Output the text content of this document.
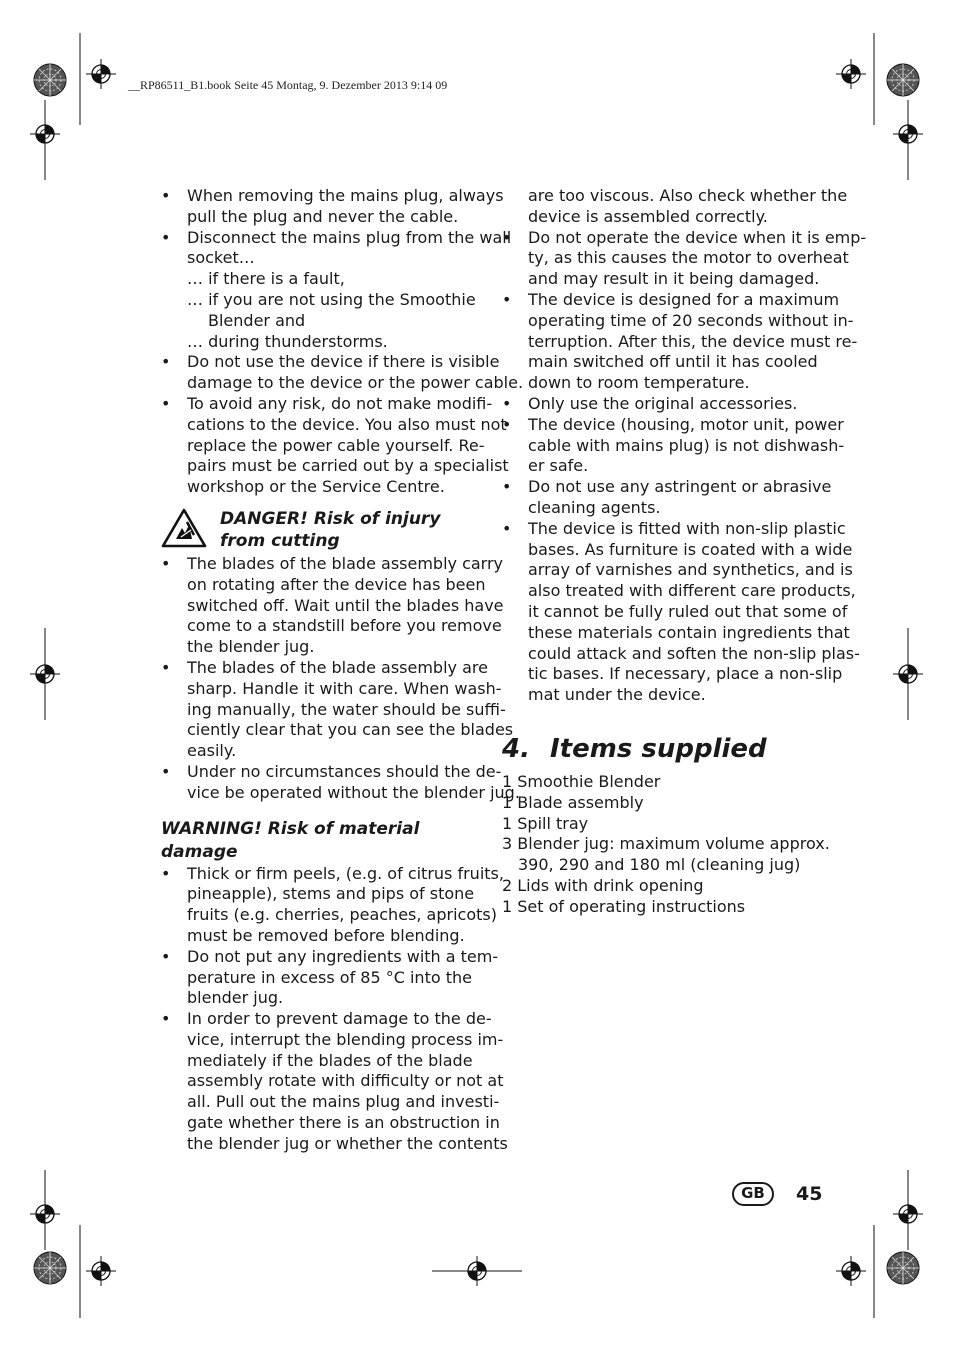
__RP86511_B1.book Seite 45 Montag, 9. Dezember 2013 9:14 09
• When removing the mains plug, always
pull the plug and never the cable.
• Disconnect the mains plug from the wall
socket…
… if there is a fault,
… if you are not using the Smoothie
Blender and
… during thunderstorms.
• Do not use the device if there is visible
damage to the device or the power cable.
• To avoid any risk, do not make modifi-
cations to the device. You also must not
replace the power cable yourself. Re-
pairs must be carried out by a specialist
workshop or the Service Centre.
DANGER! Risk of injury
from cutting
• The blades of the blade assembly carry
on rotating after the device has been
switched off. Wait until the blades have
come to a standstill before you remove
the blender jug.
• The blades of the blade assembly are
sharp. Handle it with care. When wash-
ing manually, the water should be suffi-
ciently clear that you can see the blades
easily.
• Under no circumstances should the de-
vice be operated without the blender jug.
WARNING! Risk of material
damage
• Thick or firm peels, (e.g. of citrus fruits,
pineapple), stems and pips of stone
fruits (e.g. cherries, peaches, apricots)
must be removed before blending.
• Do not put any ingredients with a tem-
perature in excess of 85 °C into the
blender jug.
• In order to prevent damage to the de-
vice, interrupt the blending process im-
mediately if the blades of the blade
assembly rotate with difficulty or not at
all. Pull out the mains plug and investi-
gate whether there is an obstruction in
the blender jug or whether the contents
are too viscous. Also check whether the
device is assembled correctly.
• Do not operate the device when it is emp-
ty, as this causes the motor to overheat
and may result in it being damaged.
• The device is designed for a maximum
operating time of 20 seconds without in-
terruption. After this, the device must re-
main switched off until it has cooled
down to room temperature.
• Only use the original accessories.
• The device (housing, motor unit, power
cable with mains plug) is not dishwash-
er safe.
• Do not use any astringent or abrasive
cleaning agents.
• The device is fitted with non-slip plastic
bases. As furniture is coated with a wide
array of varnishes and synthetics, and is
also treated with different care products,
it cannot be fully ruled out that some of
these materials contain ingredients that
could attack and soften the non-slip plas-
tic bases. If necessary, place a non-slip
mat under the device.
4. Items supplied
1 Smoothie Blender
1 Blade assembly
1 Spill tray
3 Blender jug: maximum volume approx.
390, 290 and 180 ml (cleaning jug)
2 Lids with drink opening
1 Set of operating instructions
GB	45
